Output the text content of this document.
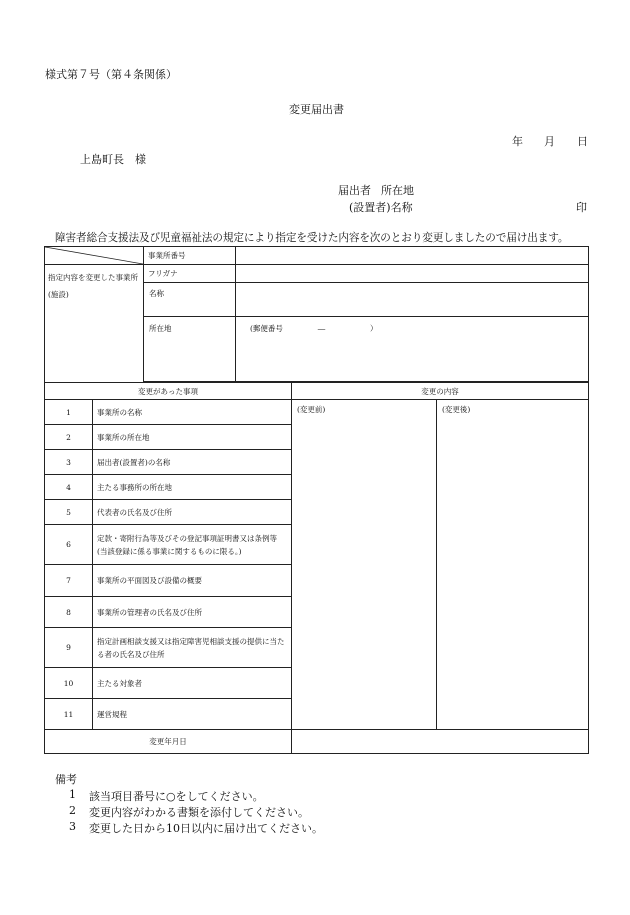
様式第７号（第４条関係）
変更届出書
年 月 日
上島町長　様
届出者 所在地
(設置者)名称	印
障害者総合支援法及び児童福祉法の規定により指定を受けた内容を次のとおり変更しましたので届け出ます。
	事業所番号	
指定内容を変更した事業所(施設)	フリガナ	
	名称	
	所在地	(郵便番号 ― ）

変更があった事項		変更の内容	
1	事業所の名称	(変更前)	(変更後)
2	事業所の所在地		
3	届出者(設置者)の名称		
4	主たる事務所の所在地		
5	代表者の氏名及び住所		
6	定款・寄附行為等及びその登記事項証明書又は条例等(当該登録に係る事業に関するものに限る。)		
7	事業所の平面図及び設備の概要		
8	事業所の管理者の氏名及び住所		
9	指定計画相談支援又は指定障害児相談支援の提供に当たる者の氏名及び住所		
10	主たる対象者		
11	運営規程		
変更年月日			
備考
1 該当項目番号に○をしてください。
2 変更内容がわかる書類を添付してください。
3 変更した日から10日以内に届け出てください。
